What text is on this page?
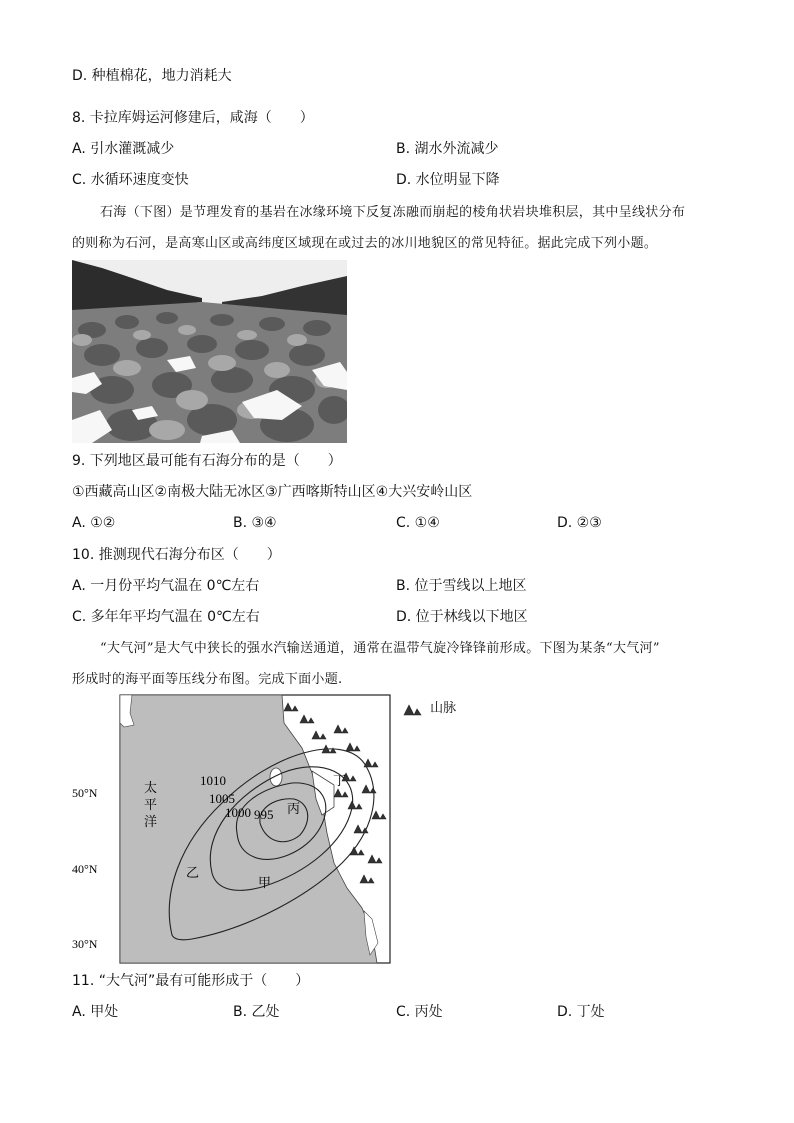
D. 种植棉花，地力消耗大
8. 卡拉库姆运河修建后，咸海（　　）
A. 引水灌溉减少	B. 湖水外流减少
C. 水循环速度变快	D. 水位明显下降
石海（下图）是节理发育的基岩在冰缘环境下反复冻融而崩起的棱角状岩块堆积层，其中呈线状分布
的则称为石河，是高寒山区或高纬度区域现在或过去的冰川地貌区的常见特征。据此完成下列小题。
9. 下列地区最可能有石海分布的是（　　）
①西藏高山区②南极大陆无冰区③广西喀斯特山区④大兴安岭山区
A. ①②	B. ③④	C. ①④	D. ②③
10. 推测现代石海分布区（　　）
A. 一月份平均气温在 0℃左右	B. 位于雪线以上地区
C. 多年年平均气温在 0℃左右	D. 位于林线以下地区
“大气河”是大气中狭长的强水汽输送通道，通常在温带气旋冷锋锋前形成。下图为某条“大气河”
形成时的海平面等压线分布图。完成下面小题.
50°N
40°N
30°N
太
平
洋
1010
1005
1000 995
甲
乙
丙
丁
山脉
11. “大气河”最有可能形成于（　　）
A. 甲处	B. 乙处	C. 丙处	D. 丁处
